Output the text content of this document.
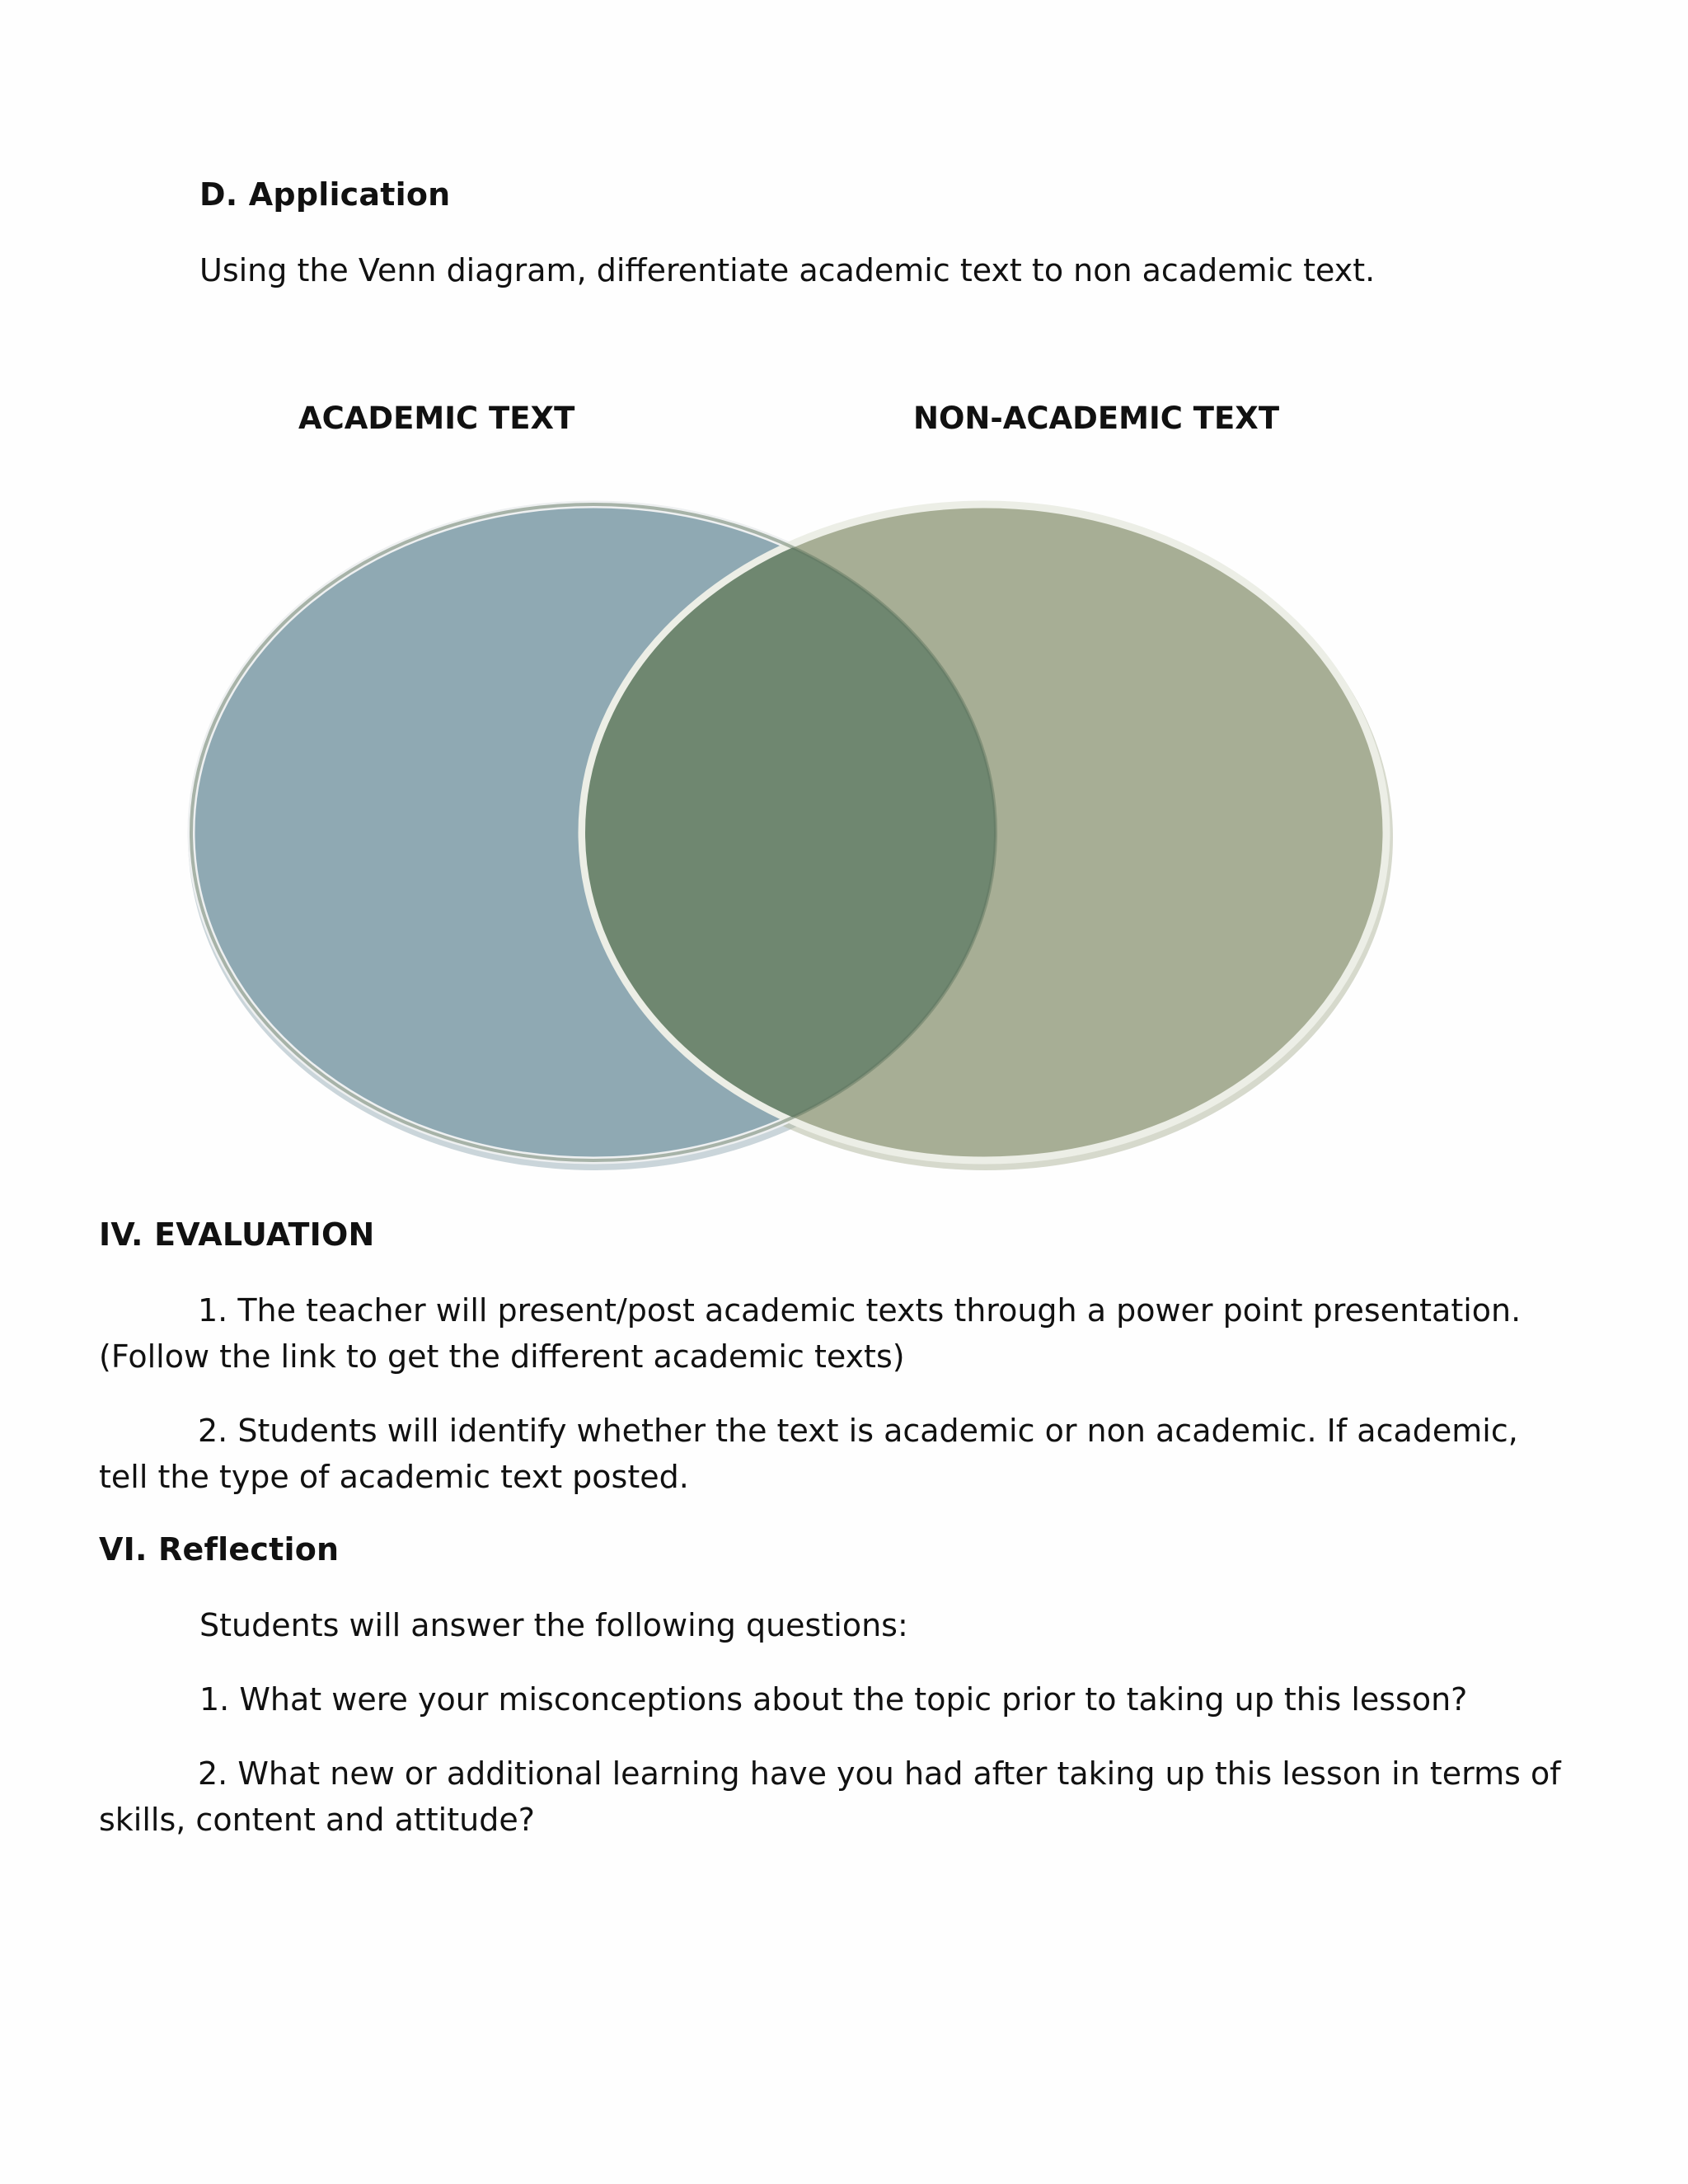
D. Application

Using the Venn diagram, differentiate academic text to non academic text.

ACADEMIC TEXT	NON-ACADEMIC TEXT

IV. EVALUATION

1. The teacher will present/post academic texts through a power point presentation.
(Follow the link to get the different academic texts)

2. Students will identify whether the text is academic or non academic. If academic,
tell the type of academic text posted.

VI. Reflection

Students will answer the following questions:

1. What were your misconceptions about the topic prior to taking up this lesson?

2. What new or additional learning have you had after taking up this lesson in terms of
skills, content and attitude?
